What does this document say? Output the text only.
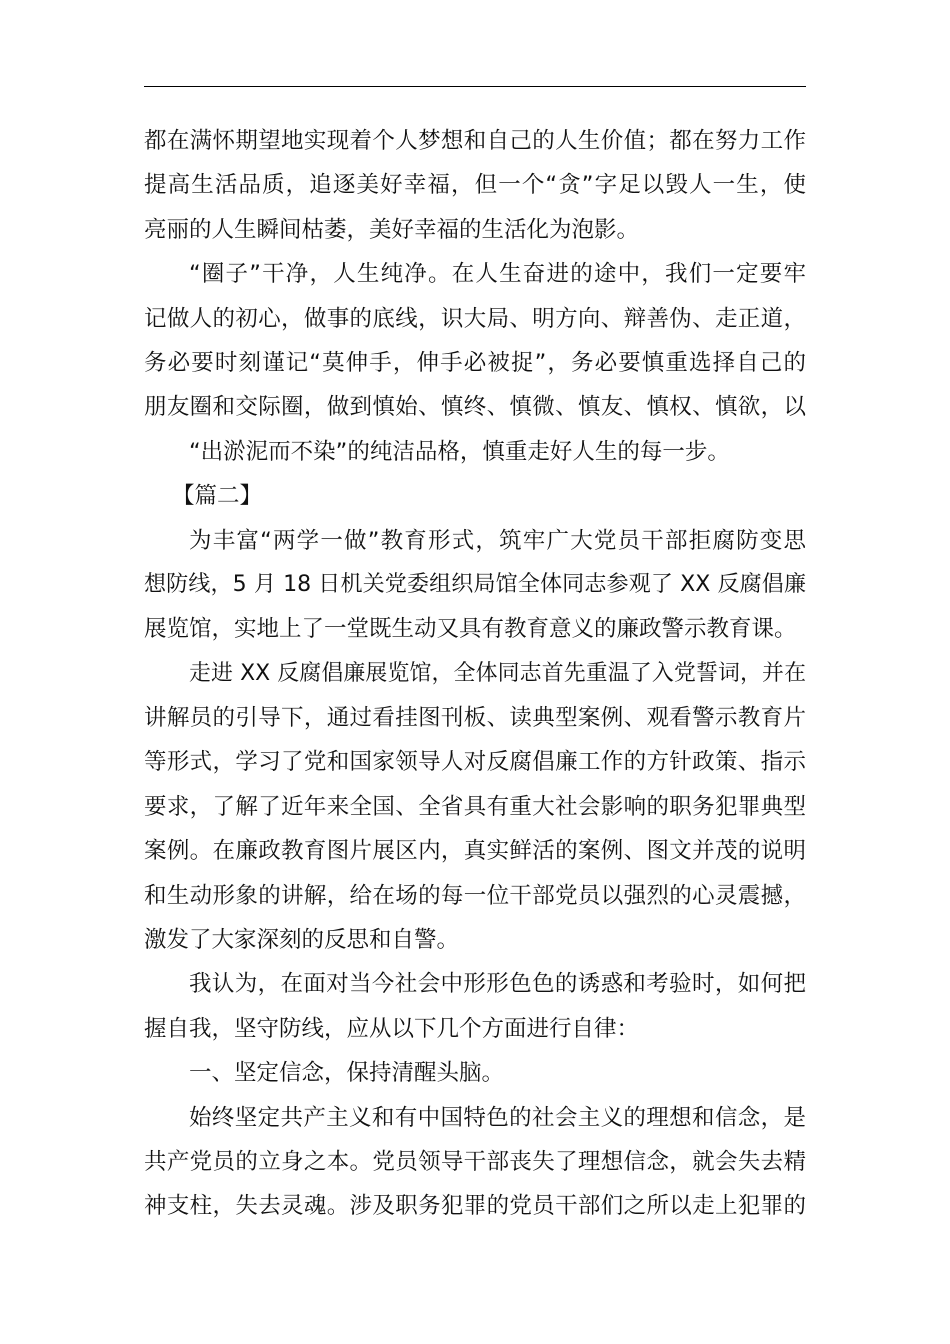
都在满怀期望地实现着个人梦想和自己的人生价值；都在努力工作
提高生活品质，追逐美好幸福，但一个“贪”字足以毁人一生，使
亮丽的人生瞬间枯萎，美好幸福的生活化为泡影。
“圈子”干净，人生纯净。在人生奋进的途中，我们一定要牢
记做人的初心，做事的底线，识大局、明方向、辩善伪、走正道，
务必要时刻谨记“莫伸手，伸手必被捉”，务必要慎重选择自己的
朋友圈和交际圈，做到慎始、慎终、慎微、慎友、慎权、慎欲，以
“出淤泥而不染”的纯洁品格，慎重走好人生的每一步。
【篇二】
为丰富“两学一做”教育形式，筑牢广大党员干部拒腐防变思
想防线，5 月 18 日机关党委组织局馆全体同志参观了 XX 反腐倡廉
展览馆，实地上了一堂既生动又具有教育意义的廉政警示教育课。
走进 XX 反腐倡廉展览馆，全体同志首先重温了入党誓词，并在
讲解员的引导下，通过看挂图刊板、读典型案例、观看警示教育片
等形式，学习了党和国家领导人对反腐倡廉工作的方针政策、指示
要求，了解了近年来全国、全省具有重大社会影响的职务犯罪典型
案例。在廉政教育图片展区内，真实鲜活的案例、图文并茂的说明
和生动形象的讲解，给在场的每一位干部党员以强烈的心灵震撼，
激发了大家深刻的反思和自警。
我认为，在面对当今社会中形形色色的诱惑和考验时，如何把
握自我，坚守防线，应从以下几个方面进行自律：
一、坚定信念，保持清醒头脑。
始终坚定共产主义和有中国特色的社会主义的理想和信念，是
共产党员的立身之本。党员领导干部丧失了理想信念，就会失去精
神支柱，失去灵魂。涉及职务犯罪的党员干部们之所以走上犯罪的
